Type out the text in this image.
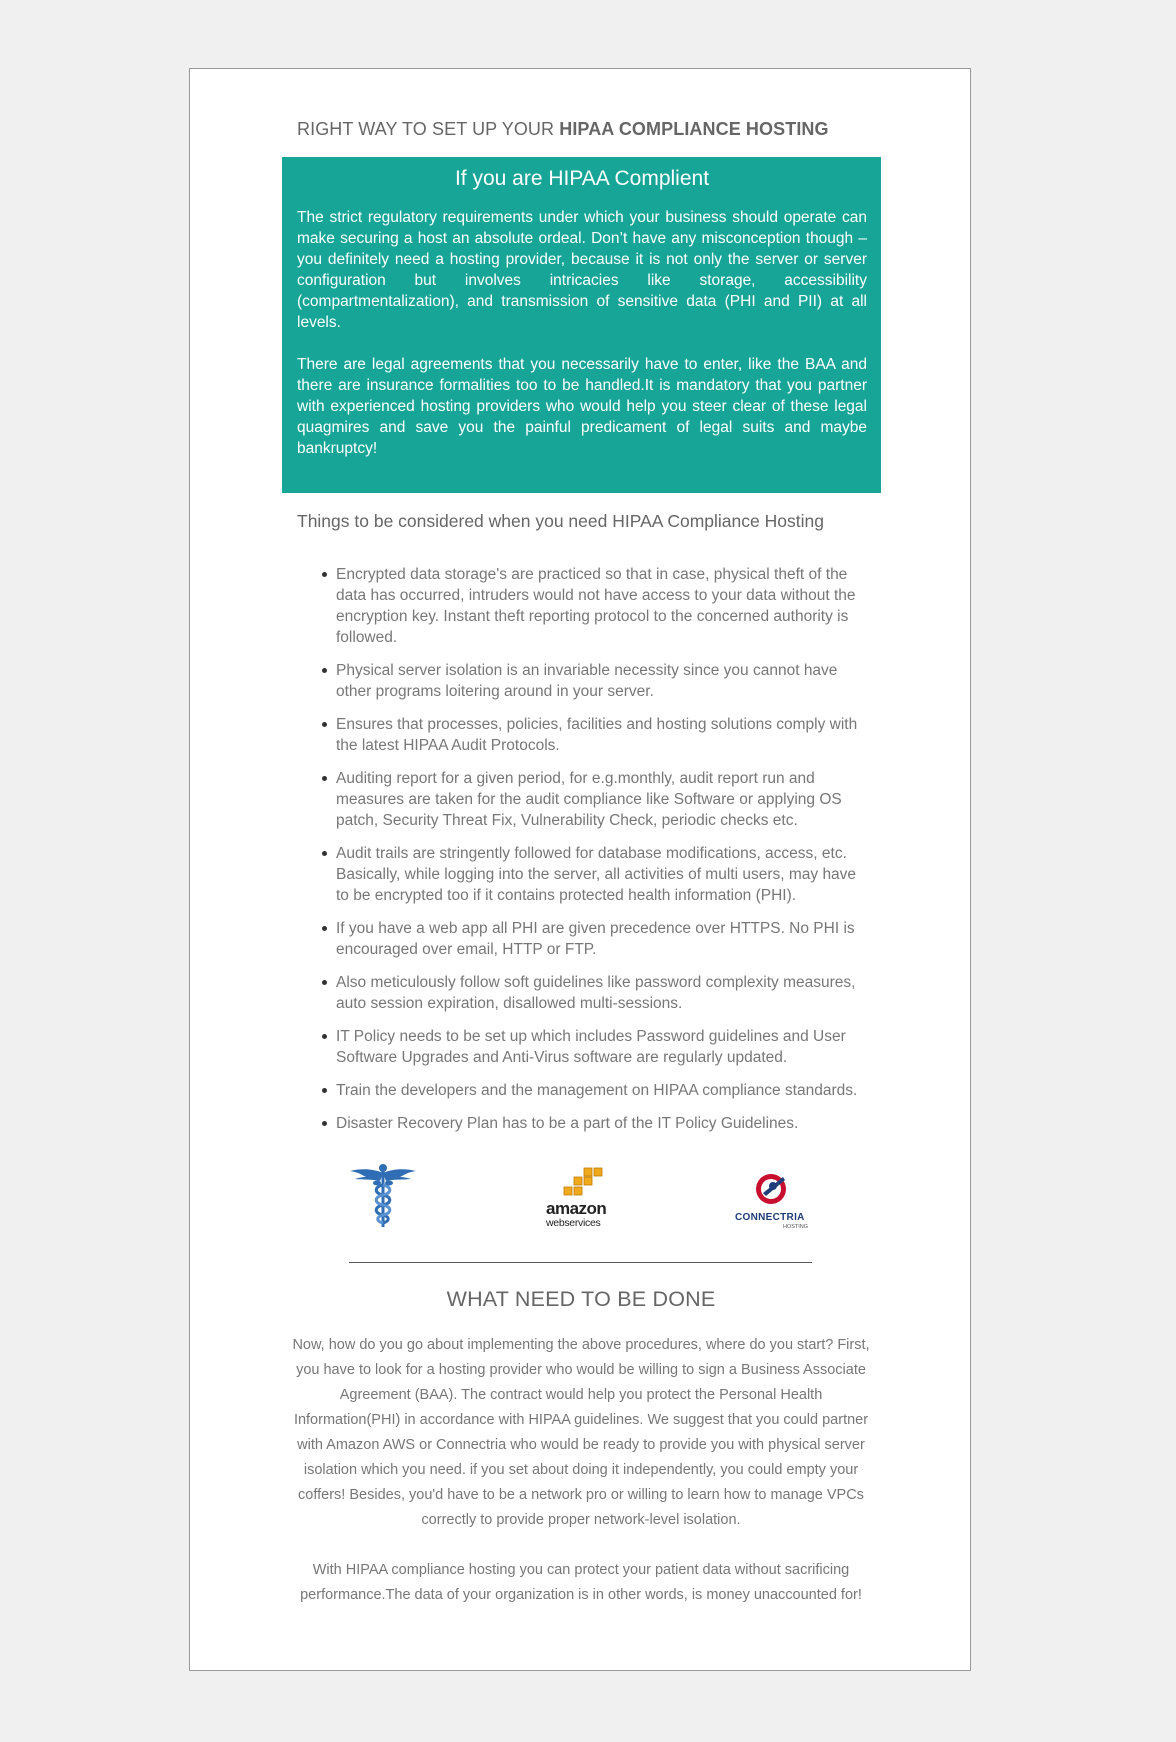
RIGHT WAY TO SET UP YOUR HIPAA COMPLIANCE HOSTING
If you are HIPAA Complient

The strict regulatory requirements under which your business should operate can make securing a host an absolute ordeal. Don’t have any misconception though – you definitely need a hosting provider, because it is not only the server or server configuration but involves intricacies like storage, accessibility (compartmentalization), and transmission of sensitive data (PHI and PII) at all levels.

There are legal agreements that you necessarily have to enter, like the BAA and there are insurance formalities too to be handled.It is mandatory that you partner with experienced hosting providers who would help you steer clear of these legal quagmires and save you the painful predicament of legal suits and maybe bankruptcy!

Things to be considered when you need HIPAA Compliance Hosting
Encrypted data storage's are practiced so that in case, physical theft of the data has occurred, intruders would not have access to your data without the encryption key. Instant theft reporting protocol to the concerned authority is followed.
Physical server isolation is an invariable necessity since you cannot have other programs loitering around in your server.
Ensures that processes, policies, facilities and hosting solutions comply with the latest HIPAA Audit Protocols.
Auditing report for a given period, for e.g.monthly, audit report run and measures are taken for the audit compliance like Software or applying OS patch, Security Threat Fix, Vulnerability Check, periodic checks etc.
Audit trails are stringently followed for database modifications, access, etc. Basically, while logging into the server, all activities of multi users, may have to be encrypted too if it contains protected health information (PHI).
If you have a web app all PHI are given precedence over HTTPS. No PHI is encouraged over email, HTTP or FTP.
Also meticulously follow soft guidelines like password complexity measures, auto session expiration, disallowed multi-sessions.
IT Policy needs to be set up which includes Password guidelines and User Software Upgrades and Anti-Virus software are regularly updated.
Train the developers and the management on HIPAA compliance standards.
Disaster Recovery Plan has to be a part of the IT Policy Guidelines.
amazon
webservices	CONNECTRIA
HOSTING
WHAT NEED TO BE DONE

Now, how do you go about implementing the above procedures, where do you start? First, you have to look for a hosting provider who would be willing to sign a Business Associate Agreement (BAA). The contract would help you protect the Personal Health Information(PHI) in accordance with HIPAA guidelines. We suggest that you could partner with Amazon AWS or Connectria who would be ready to provide you with physical server isolation which you need. if you set about doing it independently, you could empty your coffers! Besides, you'd have to be a network pro or willing to learn how to manage VPCs correctly to provide proper network-level isolation.

With HIPAA compliance hosting you can protect your patient data without sacrificing performance.The data of your organization is in other words, is money unaccounted for!
